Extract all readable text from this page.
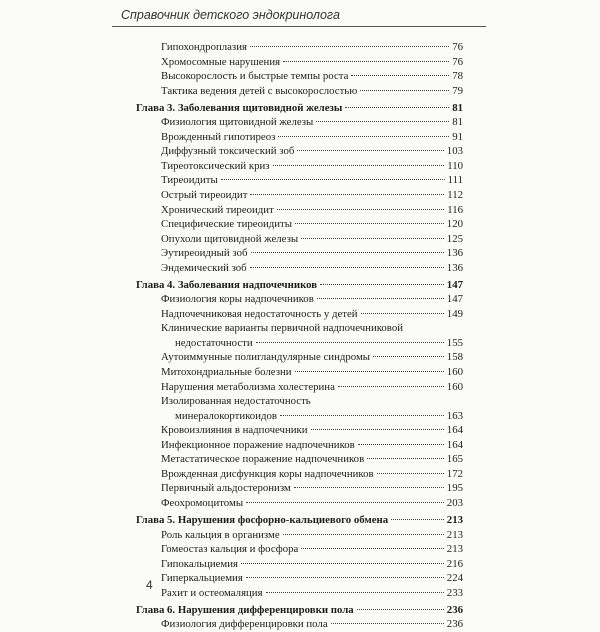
Справочник детского эндокринолога
Гипохондроплазия	76
Хромосомные нарушения	76
Высокорослость и быстрые темпы роста	78
Тактика ведения детей с высокорослостью	79
Глава 3. Заболевания щитовидной железы	81
Физиология щитовидной железы	81
Врожденный гипотиреоз	91
Диффузный токсический зоб	103
Тиреотоксический криз	110
Тиреоидиты	111
Острый тиреоидит	112
Хронический тиреоидит	116
Специфические тиреоидиты	120
Опухоли щитовидной железы	125
Эутиреоидный зоб	136
Эндемический зоб	136
Глава 4. Заболевания надпочечников	147
Физиология коры надпочечников	147
Надпочечниковая недостаточность у детей	149
Клинические варианты первичной надпочечниковой
недостаточности	155
Аутоиммунные полигландулярные синдромы	158
Митохондриальные болезни	160
Нарушения метаболизма холестерина	160
Изолированная недостаточность
минералокортикоидов	163
Кровоизлияния в надпочечники	164
Инфекционное поражение надпочечников	164
Метастатическое поражение надпочечников	165
Врожденная дисфункция коры надпочечников	172
Первичный альдостеронизм	195
Феохромоцитомы	203
Глава 5. Нарушения фосфорно-кальциевого обмена	213
Роль кальция в организме	213
Гомеостаз кальция и фосфора	213
Гипокальциемия	216
Гиперкальциемия	224
Рахит и остеомаляция	233
Глава 6. Нарушения дифференцировки пола	236
Физиология дифференцировки пола	236
4
